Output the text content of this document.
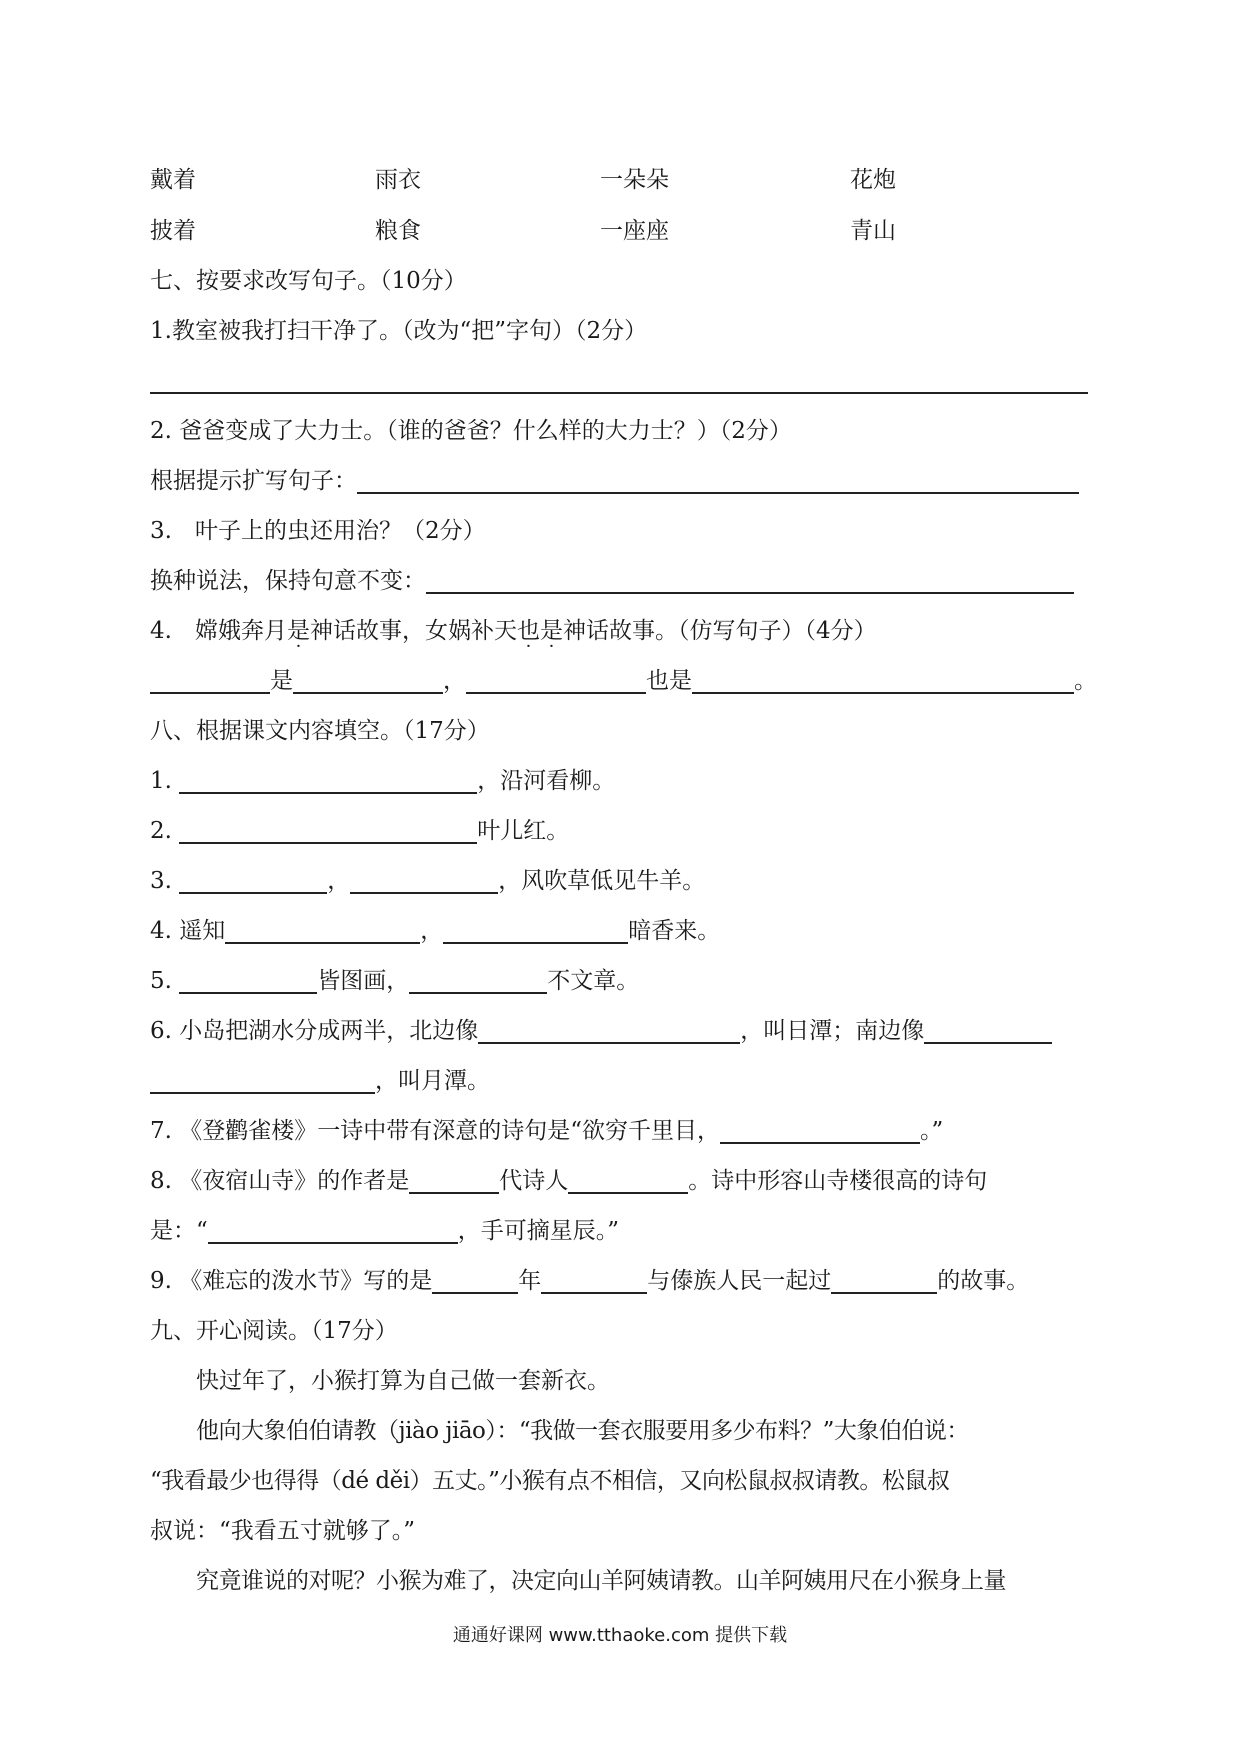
戴着	雨衣	一朵朵	花炮
披着	粮食	一座座	青山
七、按要求改写句子。（10分）
1.教室被我打扫干净了。（改为“把”字句）（2分）
2. 爸爸变成了大力士。（谁的爸爸？什么样的大力士？）（2分）
根据提示扩写句子：
3.　叶子上的虫还用治？（2分）
换种说法，保持句意不变：
4.　嫦娥奔月是神话故事，女娲补天也是神话故事。（仿写句子）（4分）
是	，	也是	。
八、根据课文内容填空。（17分）
1.	，沿河看柳。
2.	叶儿红。
3.	，	，风吹草低见牛羊。
4. 遥知	，	暗香来。
5.	皆图画，	不文章。
6. 小岛把湖水分成两半，北边像	，叫日潭；南边像
，叫月潭。
7. 《登鹳雀楼》一诗中带有深意的诗句是“欲穷千里目，	。”
8. 《夜宿山寺》的作者是	代诗人	。诗中形容山寺楼很高的诗句
是：“	，手可摘星辰。”
9. 《难忘的泼水节》写的是	年	与傣族人民一起过	的故事。
九、开心阅读。（17分）
快过年了，小猴打算为自己做一套新衣。
他向大象伯伯请教（jiào jiāo）：“我做一套衣服要用多少布料？”大象伯伯说：
“我看最少也得得（dé děi）五丈。”小猴有点不相信，又向松鼠叔叔请教。松鼠叔
叔说：“我看五寸就够了。”
究竟谁说的对呢？小猴为难了，决定向山羊阿姨请教。山羊阿姨用尺在小猴身上量
通通好课网 www.tthaoke.com 提供下载
